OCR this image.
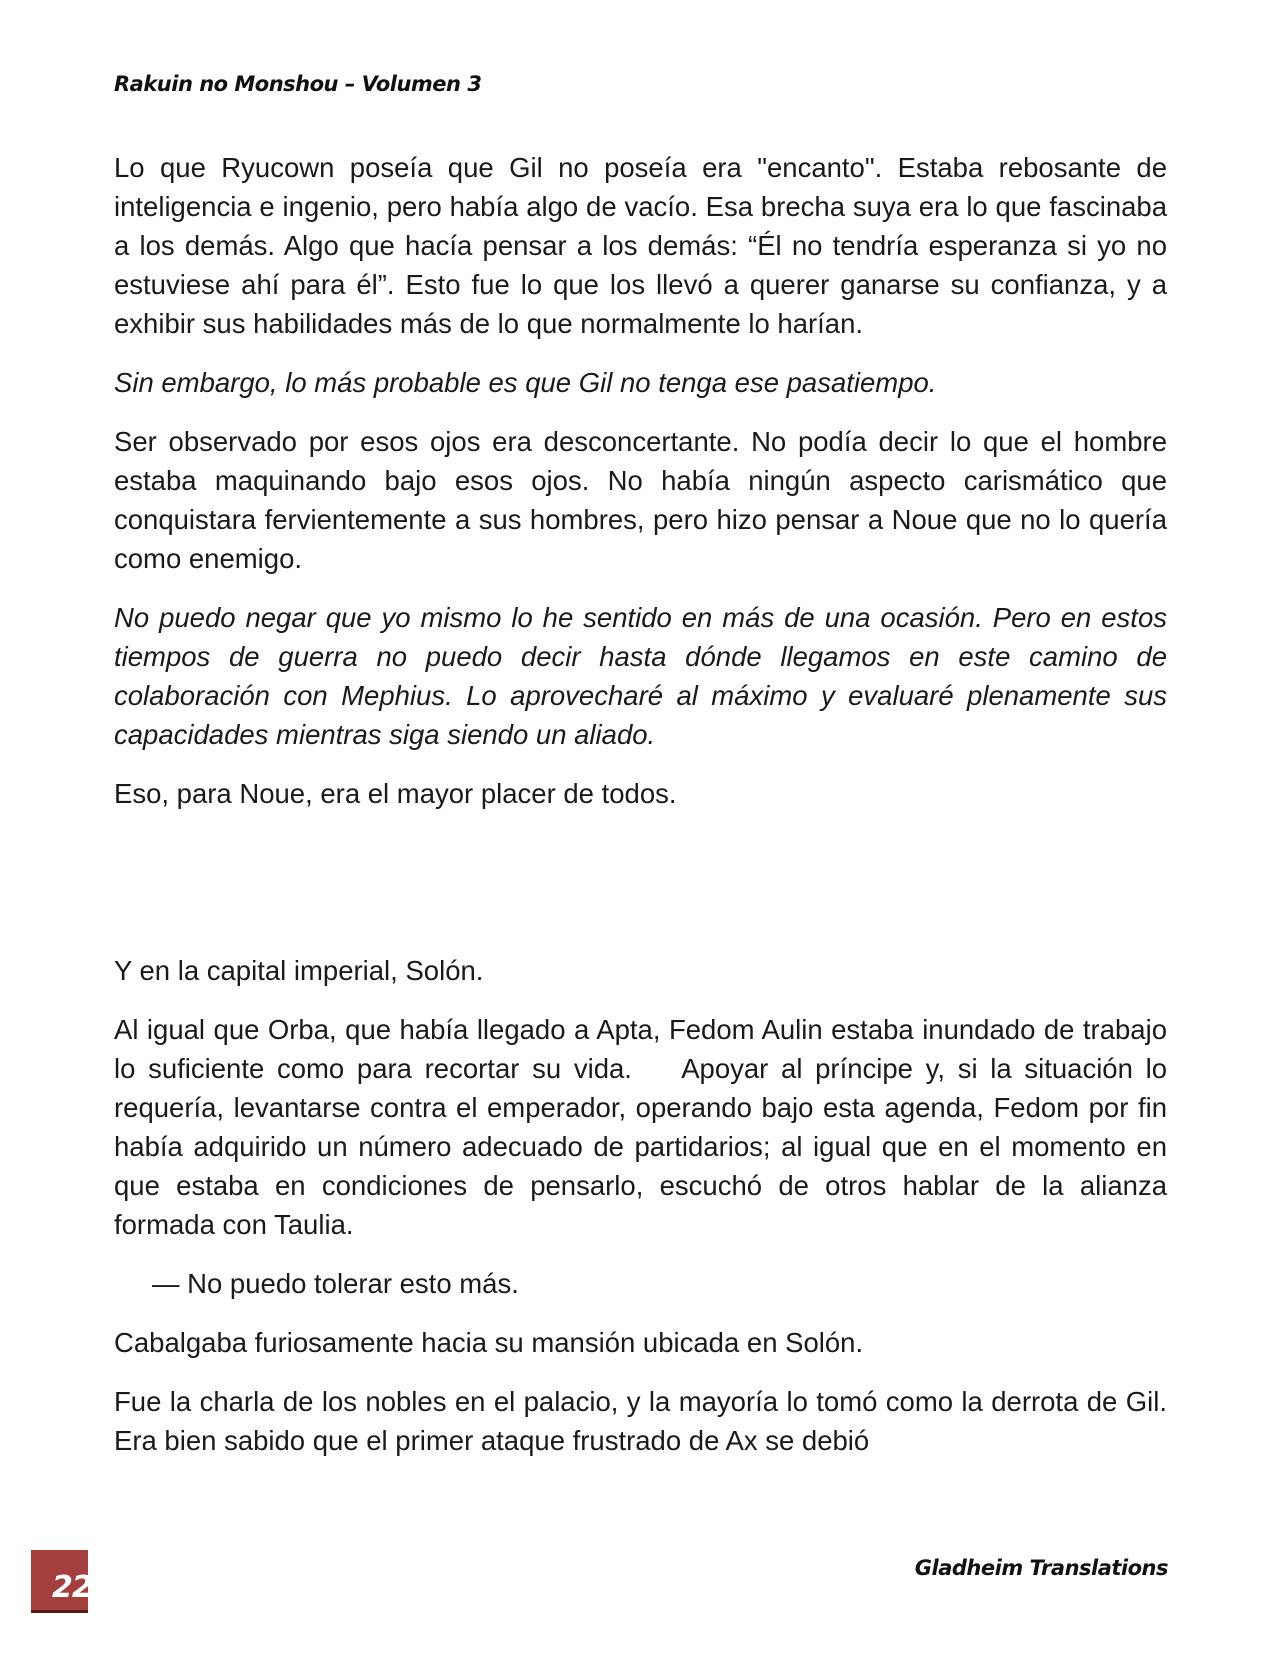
Rakuin no Monshou – Volumen 3

Lo que Ryucown poseía que Gil no poseía era "encanto". Estaba rebosante de inteligencia e ingenio, pero había algo de vacío. Esa brecha suya era lo que fascinaba a los demás. Algo que hacía pensar a los demás: “Él no tendría esperanza si yo no estuviese ahí para él”. Esto fue lo que los llevó a querer ganarse su confianza, y a exhibir sus habilidades más de lo que normalmente lo harían.

Sin embargo, lo más probable es que Gil no tenga ese pasatiempo.

Ser observado por esos ojos era desconcertante. No podía decir lo que el hombre estaba maquinando bajo esos ojos. No había ningún aspecto carismático que conquistara fervientemente a sus hombres, pero hizo pensar a Noue que no lo quería como enemigo.

No puedo negar que yo mismo lo he sentido en más de una ocasión. Pero en estos tiempos de guerra no puedo decir hasta dónde llegamos en este camino de colaboración con Mephius. Lo aprovecharé al máximo y evaluaré plenamente sus capacidades mientras siga siendo un aliado.

Eso, para Noue, era el mayor placer de todos.

Y en la capital imperial, Solón.

Al igual que Orba, que había llegado a Apta, Fedom Aulin estaba inundado de trabajo lo suficiente como para recortar su vida.    Apoyar al príncipe y, si la situación lo requería, levantarse contra el emperador, operando bajo esta agenda, Fedom por fin había adquirido un número adecuado de partidarios; al igual que en el momento en que estaba en condiciones de pensarlo, escuchó de otros hablar de la alianza formada con Taulia.

— No puedo tolerar esto más.

Cabalgaba furiosamente hacia su mansión ubicada en Solón.

Fue la charla de los nobles en el palacio, y la mayoría lo tomó como la derrota de Gil. Era bien sabido que el primer ataque frustrado de Ax se debió

22
Gladheim Translations
